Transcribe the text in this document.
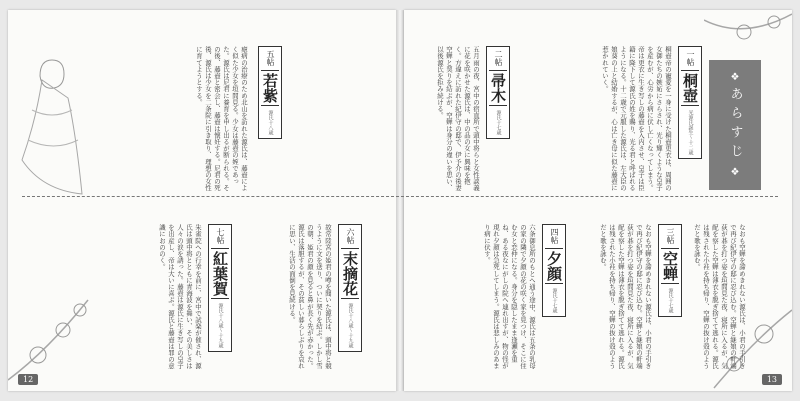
五帖
若紫
源氏十八歳
瘧病の治療のため北山を訪れた源氏は、藤壺によく似た少女を垣間見る。少女は藤壺の姪であった。源氏は尼君に養育を申し出るが断られる。その後、藤壺と密会し、藤壺は懐妊する。尼君の死後、源氏は少女を二条院に引き取り、理想の女性に育てようとする。
六帖
末摘花
源氏十八歳〜十九歳
故常陸宮の姫君の噂を聞いた源氏は、頭中将と競うように文を送り、ついに契りを結ぶ。しかし雪の朝、姫君の顔を見ると鼻が長く先が赤かった。源氏は落胆するが、その貧しい暮らしぶりを哀れに思い、生活の面倒を見続ける。
七帖
紅葉賀
源氏十八歳〜十九歳
朱雀院への行幸を前に、宮中で試楽が催され、源氏は頭中将とともに青海波を舞い、その美しさは人々の涙を誘った。藤壺は源氏に生き写しの皇子を出産し、帝は大いに喜ぶ。源氏と藤壺は罪の意識におののく。
12
❖
あらすじ
❖
一帖
桐壺
光源氏誕生〜十二歳
桐壺帝の寵愛を一身に受けた桐壺更衣は、周囲の女御たちの嫉妬にさらされ、光り輝くような皇子を産むが、心労から病に伏し亡くなってしまう。帝は更衣に生き写しの藤壺を入内させ、皇子は臣籍に降下して源氏の姓を賜り、光る君と呼ばれるようになる。十二歳で元服した源氏は、左大臣の娘葵の上と結婚するが、心は亡き母に似た藤壺に惹かれていく。
二帖
帚木
源氏十七歳
五月雨の夜、宮中の宿直所で頭中将らと女性談義に花を咲かせた源氏は、中の品の女に興味を抱く。方違えに訪れた紀伊守の邸で、伊予介の後妻空蝉と契りを結ぶが、空蝉は身分の違いを思い、以後源氏を拒み続ける。
三帖
空蝉
源氏十七歳	なおも空蝉を諦めきれない源氏は、小君の手引きで再び紀伊守の邸に忍び込む。空蝉と継娘の軒端荻が碁を打つ姿を垣間見た夜、寝所に入るが、気配を察した空蝉は薄衣を脱ぎ捨てて逃れる。源氏は残された小袿を持ち帰り、空蝉の抜け殻のようだと歌を詠む。
なおも空蝉を諦めきれない源氏は、小君の手引きで再び紀伊守の邸に忍び込む。空蝉と継娘の軒端荻が碁を打つ姿を垣間見た夜、寝所に入るが、気配を察した空蝉は薄衣を脱ぎ捨てて逃れる。源氏は残された小袿を持ち帰り、空蝉の抜け殻のようだと歌を詠む。
四帖
夕顔
源氏十七歳
六条御息所のもとへ通う途中、源氏は五条の乳母の家の隣で夕顔の花の咲く家を見つけ、そこに住む女と恋仲になる。身分を隠したまま逢瀬を重ね、ある夜なにがしの院へ連れ出すが、物の怪が現れ夕顔は急死してしまう。源氏は悲しみのあまり病に伏す。
13
